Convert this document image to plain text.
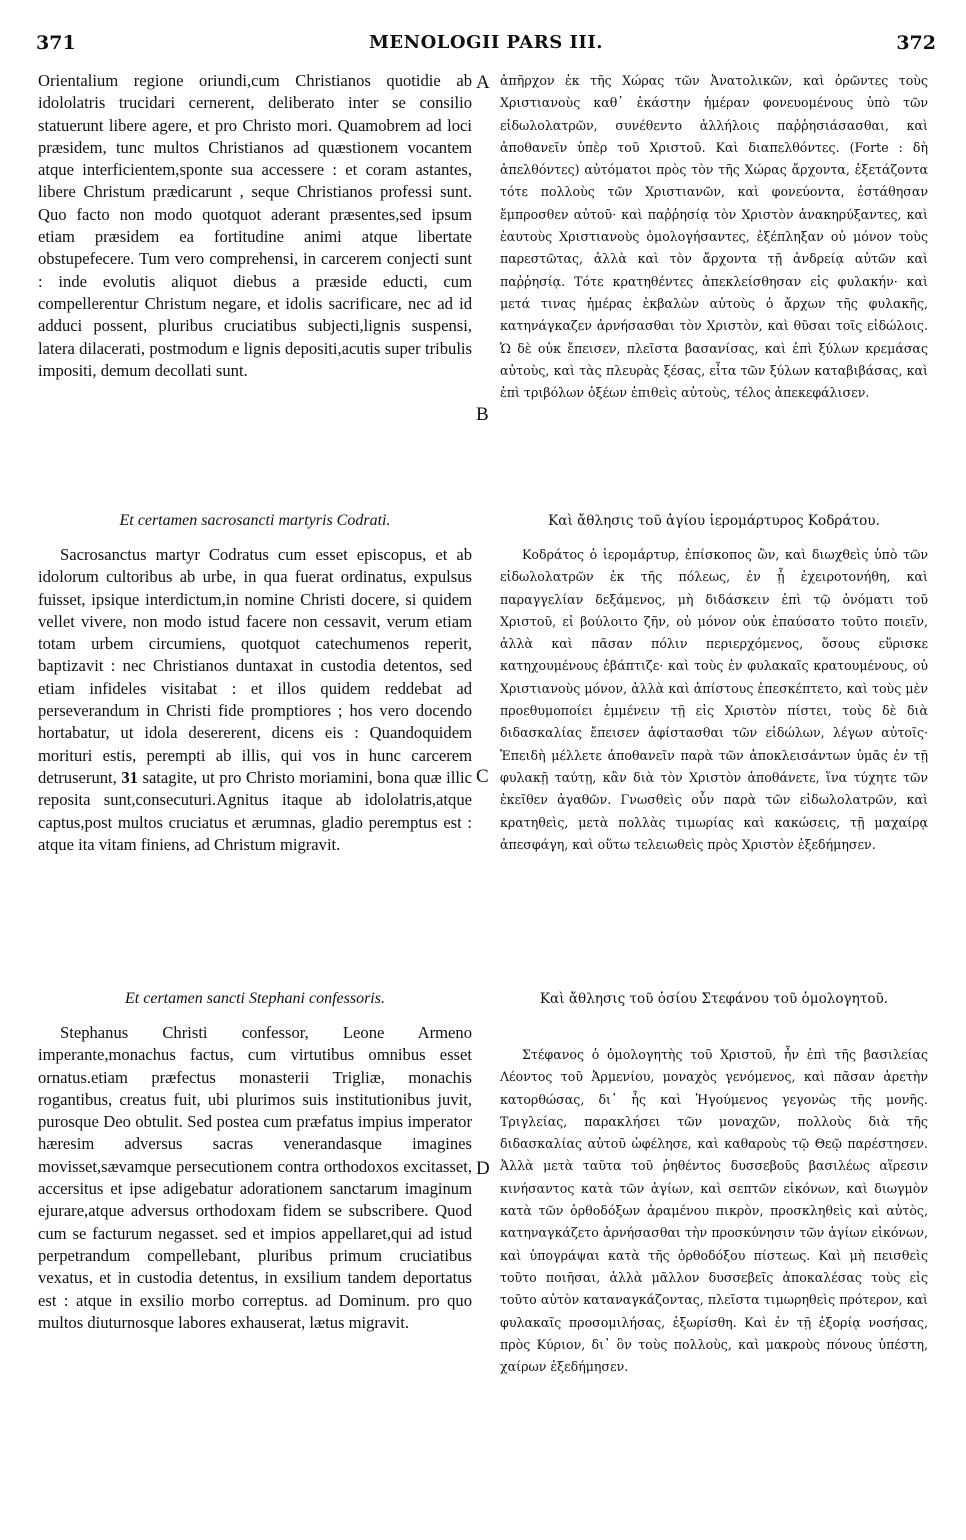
371	MENOLOGII PARS III.	372
A
B
C
D

Orientalium regione oriundi,cum Christianos quotidie ab idololatris trucidari cernerent, deliberato inter se consilio statuerunt libere agere, et pro Christo mori. Quamobrem ad loci præsidem, tunc multos Christianos ad quæstionem vocantem atque interficientem,sponte sua accessere : et coram astantes, libere Christum prædicarunt , seque Christianos professi sunt. Quo facto non modo quotquot aderant præsentes,sed ipsum etiam præsidem ea fortitudine animi atque libertate obstupefecere. Tum vero comprehensi, in carcerem conjecti sunt : inde evolutis aliquot diebus a præside educti, cum compellerentur Christum negare, et idolis sacrificare, nec ad id adduci possent, pluribus cruciatibus subjecti,lignis suspensi, latera dilacerati, postmodum e lignis depositi,acutis super tribulis impositi, demum decollati sunt.

Et certamen sacrosancti martyris Codrati.

Sacrosanctus martyr Codratus cum esset episcopus, et ab idolorum cultoribus ab urbe, in qua fuerat ordinatus, expulsus fuisset, ipsique interdictum,in nomine Christi docere, si quidem vellet vivere, non modo istud facere non cessavit, verum etiam totam urbem circumiens, quotquot catechumenos reperit, baptizavit : nec Christianos duntaxat in custodia detentos, sed etiam infideles visitabat : et illos quidem reddebat ad perseverandum in Christi fide promptiores ; hos vero docendo hortabatur, ut idola desererent, dicens eis : Quandoquidem morituri estis, perempti ab illis, qui vos in hunc carcerem detruserunt, 31 satagite, ut pro Christo moriamini, bona quæ illic reposita sunt,consecuturi.Agnitus itaque ab idololatris,atque captus,post multos cruciatus et ærumnas, gladio peremptus est : atque ita vitam finiens, ad Christum migravit.

Et certamen sancti Stephani confessoris.

Stephanus Christi confessor, Leone Armeno imperante,monachus factus, cum virtutibus omnibus esset ornatus.etiam præfectus monasterii Trigliæ, monachis rogantibus, creatus fuit, ubi plurimos suis institutionibus juvit, purosque Deo obtulit. Sed postea cum præfatus impius imperator hæresim adversus sacras venerandasque imagines movisset,sævamque persecutionem contra orthodoxos excitasset, accersitus et ipse adigebatur adorationem sanctarum imaginum ejurare,atque adversus orthodoxam fidem se subscribere. Quod cum se facturum negasset. sed et impios appellaret,qui ad istud perpetrandum compellebant, pluribus primum cruciatibus vexatus, et in custodia detentus, in exsilium tandem deportatus est : atque in exsilio morbo correptus. ad Dominum. pro quo multos diuturnosque labores exhauserat, lætus migravit.

ἀπῆρχον ἐκ τῆς Χώρας τῶν Ἀνατολικῶν, καὶ ὁρῶντες τοὺς Χριστιανοὺς καθ᾽ ἑκάστην ἡμέραν φονευομένους ὑπὸ τῶν εἰδωλολατρῶν, συνέθεντο ἀλλήλοις παῤῥησιάσασθαι, καὶ ἀποθανεῖν ὑπὲρ τοῦ Χριστοῦ. Καὶ διαπελθόντες. (Forte : δὴ ἀπελθόντες) αὐτόματοι πρὸς τὸν τῆς Χώρας ἄρχοντα, ἐξετάζοντα τότε πολλοὺς τῶν Χριστιανῶν, καὶ φονεύοντα, ἐστάθησαν ἔμπροσθεν αὐτοῦ· καὶ παῤῥησίᾳ τὸν Χριστὸν ἀνακηρύξαντες, καὶ ἑαυτοὺς Χριστιανοὺς ὁμολογήσαντες, ἐξέπληξαν οὐ μόνον τοὺς παρεστῶτας, ἀλλὰ καὶ τὸν ἄρχοντα τῇ ἀνδρείᾳ αὐτῶν καὶ παῤῥησίᾳ. Τότε κρατηθέντες ἀπεκλείσθησαν εἰς φυλακήν· καὶ μετά τινας ἡμέρας ἐκβαλὼν αὐτοὺς ὁ ἄρχων τῆς φυλακῆς, κατηνάγκαζεν ἀρνήσασθαι τὸν Χριστὸν, καὶ θῦσαι τοῖς εἰδώλοις. Ὡ δὲ οὐκ ἔπεισεν, πλεῖστα βασανίσας, καὶ ἐπὶ ξύλων κρεμάσας αὐτοὺς, καὶ τὰς πλευρὰς ξέσας, εἶτα τῶν ξύλων καταβιβάσας, καὶ ἐπὶ τριβόλων ὀξέων ἐπιθεὶς αὐτοὺς, τέλος ἀπεκεφάλισεν.

Καὶ ἄθλησις τοῦ ἁγίου ἱερομάρτυρος Κοδράτου.

Κοδράτος ὁ ἱερομάρτυρ, ἐπίσκοπος ὢν, καὶ διωχθεὶς ὑπὸ τῶν εἰδωλολατρῶν ἐκ τῆς πόλεως, ἐν ᾗ ἐχειροτονήθη, καὶ παραγγελίαν δεξάμενος, μὴ διδάσκειν ἐπὶ τῷ ὀνόματι τοῦ Χριστοῦ, εἰ βούλοιτο ζῆν, οὐ μόνον οὐκ ἐπαύσατο τοῦτο ποιεῖν, ἀλλὰ καὶ πᾶσαν πόλιν περιερχόμενος, ὅσους εὕρισκε κατηχουμένους ἐβάπτιζε· καὶ τοὺς ἐν φυλακαῖς κρατουμένους, οὐ Χριστιανοὺς μόνον, ἀλλὰ καὶ ἀπίστους ἐπεσκέπτετο, καὶ τοὺς μὲν προεθυμοποίει ἐμμένειν τῇ εἰς Χριστὸν πίστει, τοὺς δὲ διὰ διδασκαλίας ἔπεισεν ἀφίστασθαι τῶν εἰδώλων, λέγων αὐτοῖς· Ἐπειδὴ μέλλετε ἀποθανεῖν παρὰ τῶν ἀποκλεισάντων ὑμᾶς ἐν τῇ φυλακῇ ταύτῃ, κἂν διὰ τὸν Χριστὸν ἀποθάνετε, ἵνα τύχητε τῶν ἐκεῖθεν ἀγαθῶν. Γνωσθεὶς οὖν παρὰ τῶν εἰδωλολατρῶν, καὶ κρατηθεὶς, μετὰ πολλὰς τιμωρίας καὶ κακώσεις, τῇ μαχαίρᾳ ἀπεσφάγη, καὶ οὕτω τελειωθεὶς πρὸς Χριστὸν ἐξεδήμησεν.

Καὶ ἄθλησις τοῦ ὁσίου Στεφάνου τοῦ ὁμολογητοῦ.

Στέφανος ὁ ὁμολογητὴς τοῦ Χριστοῦ, ἦν ἐπὶ τῆς βασιλείας Λέοντος τοῦ Ἀρμενίου, μοναχὸς γενόμενος, καὶ πᾶσαν ἀρετὴν κατορθώσας, δι᾽ ἧς καὶ Ἡγούμενος γεγονὼς τῆς μονῆς. Τριγλείας, παρακλήσει τῶν μοναχῶν, πολλοὺς διὰ τῆς διδασκαλίας αὐτοῦ ὠφέλησε, καὶ καθαροὺς τῷ Θεῷ παρέστησεν. Ἀλλὰ μετὰ ταῦτα τοῦ ῥηθέντος δυσσεβοῦς βασιλέως αἵρεσιν κινήσαντος κατὰ τῶν ἁγίων, καὶ σεπτῶν εἰκόνων, καὶ διωγμὸν κατὰ τῶν ὀρθοδόξων ἀραμένου πικρὸν, προσκληθεὶς καὶ αὐτὸς, κατηναγκάζετο ἀρνήσασθαι τὴν προσκύνησιν τῶν ἁγίων εἰκόνων, καὶ ὑπογράψαι κατὰ τῆς ὀρθοδόξου πίστεως. Καὶ μὴ πεισθεὶς τοῦτο ποιῆσαι, ἀλλὰ μᾶλλον δυσσεβεῖς ἀποκαλέσας τοὺς εἰς τοῦτο αὐτὸν καταναγκάζοντας, πλεῖστα τιμωρηθεὶς πρότερον, καὶ φυλακαῖς προσομιλήσας, ἐξωρίσθη. Καὶ ἐν τῇ ἐξορίᾳ νοσήσας, πρὸς Κύριον, δι᾽ ὃν τοὺς πολλοὺς, καὶ μακροὺς πόνους ὑπέστη, χαίρων ἐξεδήμησεν.
